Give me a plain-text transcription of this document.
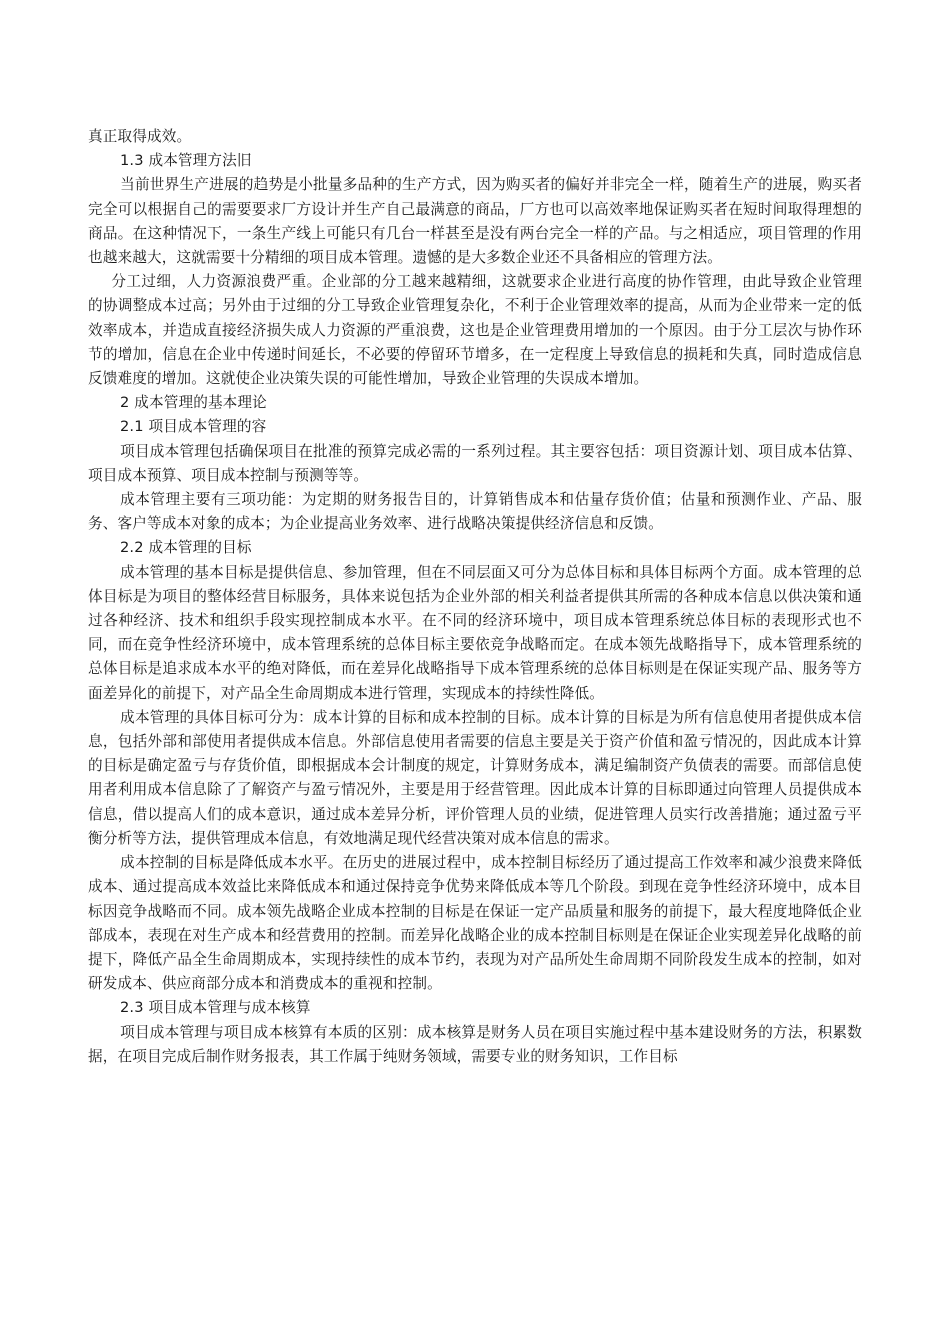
真正取得成效。

1.3 成本管理方法旧

当前世界生产进展的趋势是小批量多品种的生产方式，因为购买者的偏好并非完全一样，随着生产的进展，购买者完全可以根据自己的需要要求厂方设计并生产自己最满意的商品，厂方也可以高效率地保证购买者在短时间取得理想的商品。在这种情况下，一条生产线上可能只有几台一样甚至是没有两台完全一样的产品。与之相适应，项目管理的作用也越来越大，这就需要十分精细的项目成本管理。遗憾的是大多数企业还不具备相应的管理方法。

分工过细，人力资源浪费严重。企业部的分工越来越精细，这就要求企业进行高度的协作管理，由此导致企业管理的协调整成本过高；另外由于过细的分工导致企业管理复杂化，不利于企业管理效率的提高，从而为企业带来一定的低效率成本，并造成直接经济损失成人力资源的严重浪费，这也是企业管理费用增加的一个原因。由于分工层次与协作环节的增加，信息在企业中传递时间延长，不必要的停留环节增多，在一定程度上导致信息的损耗和失真，同时造成信息反馈难度的增加。这就使企业决策失误的可能性增加，导致企业管理的失误成本增加。

2 成本管理的基本理论

2.1 项目成本管理的容

项目成本管理包括确保项目在批准的预算完成必需的一系列过程。其主要容包括：项目资源计划、项目成本估算、项目成本预算、项目成本控制与预测等等。

成本管理主要有三项功能：为定期的财务报告目的，计算销售成本和估量存货价值；估量和预测作业、产品、服务、客户等成本对象的成本；为企业提高业务效率、进行战略决策提供经济信息和反馈。

2.2 成本管理的目标

成本管理的基本目标是提供信息、参加管理，但在不同层面又可分为总体目标和具体目标两个方面。成本管理的总体目标是为项目的整体经营目标服务，具体来说包括为企业外部的相关利益者提供其所需的各种成本信息以供决策和通过各种经济、技术和组织手段实现控制成本水平。在不同的经济环境中，项目成本管理系统总体目标的表现形式也不同，而在竞争性经济环境中，成本管理系统的总体目标主要依竞争战略而定。在成本领先战略指导下，成本管理系统的总体目标是追求成本水平的绝对降低，而在差异化战略指导下成本管理系统的总体目标则是在保证实现产品、服务等方面差异化的前提下，对产品全生命周期成本进行管理，实现成本的持续性降低。

成本管理的具体目标可分为：成本计算的目标和成本控制的目标。成本计算的目标是为所有信息使用者提供成本信息，包括外部和部使用者提供成本信息。外部信息使用者需要的信息主要是关于资产价值和盈亏情况的，因此成本计算的目标是确定盈亏与存货价值，即根据成本会计制度的规定，计算财务成本，满足编制资产负债表的需要。而部信息使用者利用成本信息除了了解资产与盈亏情况外，主要是用于经营管理。因此成本计算的目标即通过向管理人员提供成本信息，借以提高人们的成本意识，通过成本差异分析，评价管理人员的业绩，促进管理人员实行改善措施；通过盈亏平衡分析等方法，提供管理成本信息，有效地满足现代经营决策对成本信息的需求。

成本控制的目标是降低成本水平。在历史的进展过程中，成本控制目标经历了通过提高工作效率和减少浪费来降低成本、通过提高成本效益比来降低成本和通过保持竞争优势来降低成本等几个阶段。到现在竞争性经济环境中，成本目标因竞争战略而不同。成本领先战略企业成本控制的目标是在保证一定产品质量和服务的前提下，最大程度地降低企业部成本，表现在对生产成本和经营费用的控制。而差异化战略企业的成本控制目标则是在保证企业实现差异化战略的前提下，降低产品全生命周期成本，实现持续性的成本节约，表现为对产品所处生命周期不同阶段发生成本的控制，如对研发成本、供应商部分成本和消费成本的重视和控制。

2.3 项目成本管理与成本核算

项目成本管理与项目成本核算有本质的区别：成本核算是财务人员在项目实施过程中基本建设财务的方法，积累数据，在项目完成后制作财务报表，其工作属于纯财务领域，需要专业的财务知识，工作目标
